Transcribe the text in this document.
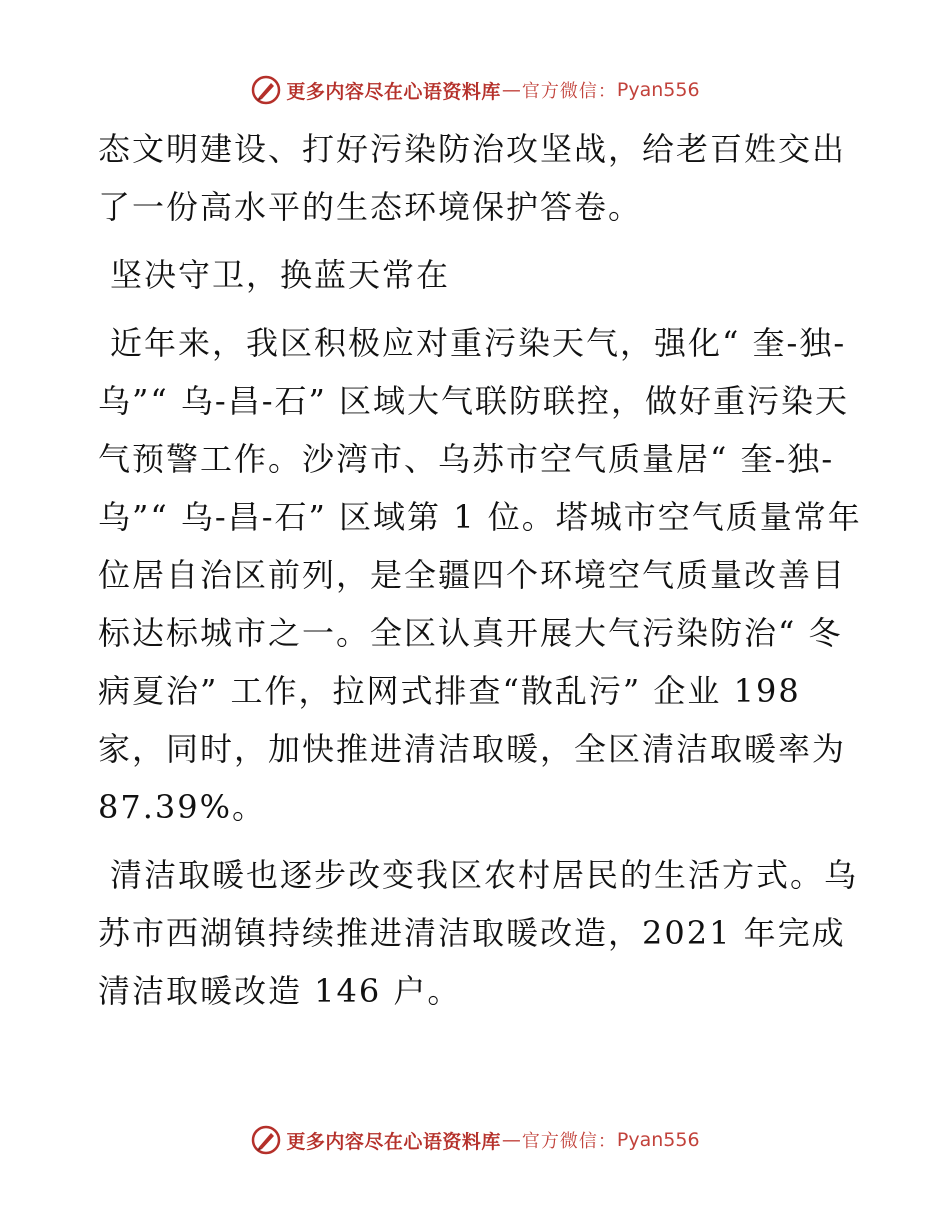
更多内容尽在心语资料库 — 官方微信： Pyan556

态文明建设、打好污染防治攻坚战，给老百姓交出了一份高水平的生态环境保护答卷。

坚决守卫，换蓝天常在

近年来，我区积极应对重污染天气，强化“ 奎-独-乌”“ 乌-昌-石” 区域大气联防联控，做好重污染天气预警工作。沙湾市、乌苏市空气质量居“ 奎-独-乌”“ 乌-昌-石” 区域第 1 位。塔城市空气质量常年位居自治区前列，是全疆四个环境空气质量改善目标达标城市之一。全区认真开展大气污染防治“ 冬病夏治” 工作，拉网式排查“散乱污” 企业 198 家，同时，加快推进清洁取暖，全区清洁取暖率为 87.39%。

清洁取暖也逐步改变我区农村居民的生活方式。乌苏市西湖镇持续推进清洁取暖改造，2021 年完成清洁取暖改造 146 户。

更多内容尽在心语资料库 — 官方微信： Pyan556
